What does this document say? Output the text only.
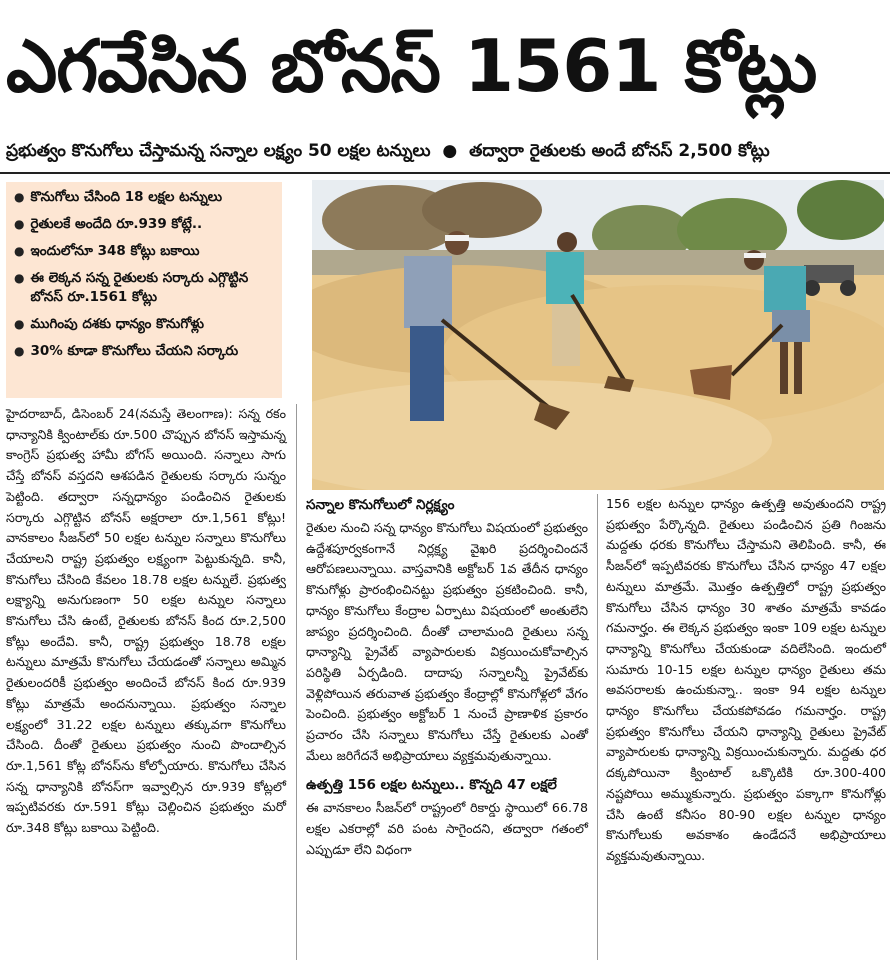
ఎగవేసిన బోనస్‌ 1561 కోట్లు
ప్రభుత్వం కొనుగోలు చేస్తామన్న సన్నాల లక్ష్యం 50 లక్షల టన్నులు ● తద్వారా రైతులకు అందే బోనస్‌ 2,500 కోట్లు
● కొనుగోలు చేసింది 18 లక్షల టన్నులు
● రైతులకే అందేది రూ.939 కోట్లే..
● ఇందులోనూ 348 కోట్లు బకాయి
● ఈ లెక్కన సన్న రైతులకు సర్కారు ఎగ్గొట్టిన బోనస్‌ రూ.1561 కోట్లు
● ముగింపు దశకు ధాన్యం కొనుగోళ్లు
● 30% కూడా కొనుగోలు చేయని సర్కారు

హైదరాబాద్, డిసెంబర్‌ 24(నమస్తే తెలంగాణ): సన్న రకం ధాన్యానికి క్వింటాల్‌కు రూ.500 చొప్పున బోనస్‌ ఇస్తామన్న కాంగ్రెస్‌ ప్రభుత్వ హామీ బోగస్‌ అయింది. సన్నాలు సాగు చేస్తే బోనస్‌ వస్తదని ఆశపడిన రైతులకు సర్కారు సున్నం పెట్టింది. తద్వారా సన్నధాన్యం పండించిన రైతులకు సర్కారు ఎగ్గొట్టిన బోనస్‌ అక్షరాలా రూ.1,561 కోట్లు! వానకాలం సీజన్‌లో 50 లక్షల టన్నుల సన్నాలు కొనుగోలు చేయాలని రాష్ట్ర ప్రభుత్వం లక్ష్యంగా పెట్టుకున్నది. కానీ, కొనుగోలు చేసింది కేవలం 18.78 లక్షల టన్నులే. ప్రభుత్వ లక్ష్యాన్ని అనుగుణంగా 50 లక్షల టన్నుల సన్నాలు కొనుగోలు చేసి ఉంటే, రైతులకు బోనస్‌ కింద రూ.2,500 కోట్లు అందేవి. కానీ, రాష్ట్ర ప్రభుత్వం 18.78 లక్షల టన్నులు మాత్రమే కొనుగోలు చేయడంతో సన్నాలు అమ్మిన రైతులందరికీ ప్రభుత్వం అందించే బోనస్‌ కింద రూ.939 కోట్లు మాత్రమే అందనున్నాయి. ప్రభుత్వం సన్నాల లక్ష్యంలో 31.22 లక్షల టన్నులు తక్కువగా కొనుగోలు చేసింది. దీంతో రైతులు ప్రభుత్వం నుంచి పొందాల్సిన రూ.1,561 కోట్ల బోనస్‌ను కోల్పోయారు. కొనుగోలు చేసిన సన్న ధాన్యానికి బోనస్‌గా ఇవ్వాల్సిన రూ.939 కోట్లలో ఇప్పటివరకు రూ.591 కోట్లు చెల్లించిన ప్రభుత్వం మరో రూ.348 కోట్లు బకాయి పెట్టింది.

సన్నాల కొనుగోలులో నిర్లక్ష్యం

రైతుల నుంచి సన్న ధాన్యం కొనుగోలు విషయంలో ప్రభుత్వం ఉద్దేశపూర్వకంగానే నిర్లక్ష్య వైఖరి ప్రదర్శించిందనే ఆరోపణలున్నాయి. వాస్తవానికి అక్టోబర్‌ 1వ తేదీన ధాన్యం కొనుగోళ్లు ప్రారంభించినట్టు ప్రభుత్వం ప్రకటించింది. కానీ, ధాన్యం కొనుగోలు కేంద్రాల ఏర్పాటు విషయంలో అంతులేని జాప్యం ప్రదర్శించింది. దీంతో చాలామంది రైతులు సన్న ధాన్యాన్ని ప్రైవేట్‌ వ్యాపారులకు విక్రయించుకోవాల్సిన పరిస్థితి ఏర్పడింది. దాదాపు సన్నాలన్నీ ప్రైవేట్‌కు వెళ్లిపోయిన తరువాత ప్రభుత్వం కేంద్రాల్లో కొనుగోళ్లలో వేగం పెంచింది. ప్రభుత్వం అక్టోబర్‌ 1 నుంచే ప్రాణాళిక ప్రకారం ప్రచారం చేసి సన్నాలు కొనుగోలు చేస్తే రైతులకు ఎంతో మేలు జరిగేదనే అభిప్రాయాలు వ్యక్తమవుతున్నాయి.

ఉత్పత్తి 156 లక్షల టన్నులు.. కొన్నది 47 లక్షలే

ఈ వానకాలం సీజన్‌లో రాష్ట్రంలో రికార్డు స్థాయిలో 66.78 లక్షల ఎకరాల్లో వరి పంట సాగైందని, తద్వారా గతంలో ఎప్పుడూ లేని విధంగా

156 లక్షల టన్నుల ధాన్యం ఉత్పత్తి అవుతుందని రాష్ట్ర ప్రభుత్వం పేర్కొన్నది. రైతులు పండించిన ప్రతి గింజను మద్దతు ధరకు కొనుగోలు చేస్తామని తెలిపింది. కానీ, ఈ సీజన్‌లో ఇప్పటివరకు కొనుగోలు చేసిన ధాన్యం 47 లక్షల టన్నులు మాత్రమే. మొత్తం ఉత్పత్తిలో రాష్ట్ర ప్రభుత్వం కొనుగోలు చేసిన ధాన్యం 30 శాతం మాత్రమే కావడం గమనార్హం. ఈ లెక్కన ప్రభుత్వం ఇంకా 109 లక్షల టన్నుల ధాన్యాన్ని కొనుగోలు చేయకుండా వదిలేసింది. ఇందులో సుమారు 10-15 లక్షల టన్నుల ధాన్యం రైతులు తమ అవసరాలకు ఉంచుకున్నా.. ఇంకా 94 లక్షల టన్నుల ధాన్యం కొనుగోలు చేయకపోవడం గమనార్హం. రాష్ట్ర ప్రభుత్వం కొనుగోలు చేయని ధాన్యాన్ని రైతులు ప్రైవేట్‌ వ్యాపారులకు ధాన్యాన్ని విక్రయించుకున్నారు. మద్దతు ధర దక్కపోయినా క్వింటాల్‌ ఒక్కొటికి రూ.300-400 నష్టపోయి అమ్ముకున్నారు. ప్రభుత్వం పక్కాగా కొనుగోళ్లు చేసి ఉంటే కనీసం 80-90 లక్షల టన్నుల ధాన్యం కొనుగోలుకు అవకాశం ఉండేదనే అభిప్రాయాలు వ్యక్తమవుతున్నాయి.
